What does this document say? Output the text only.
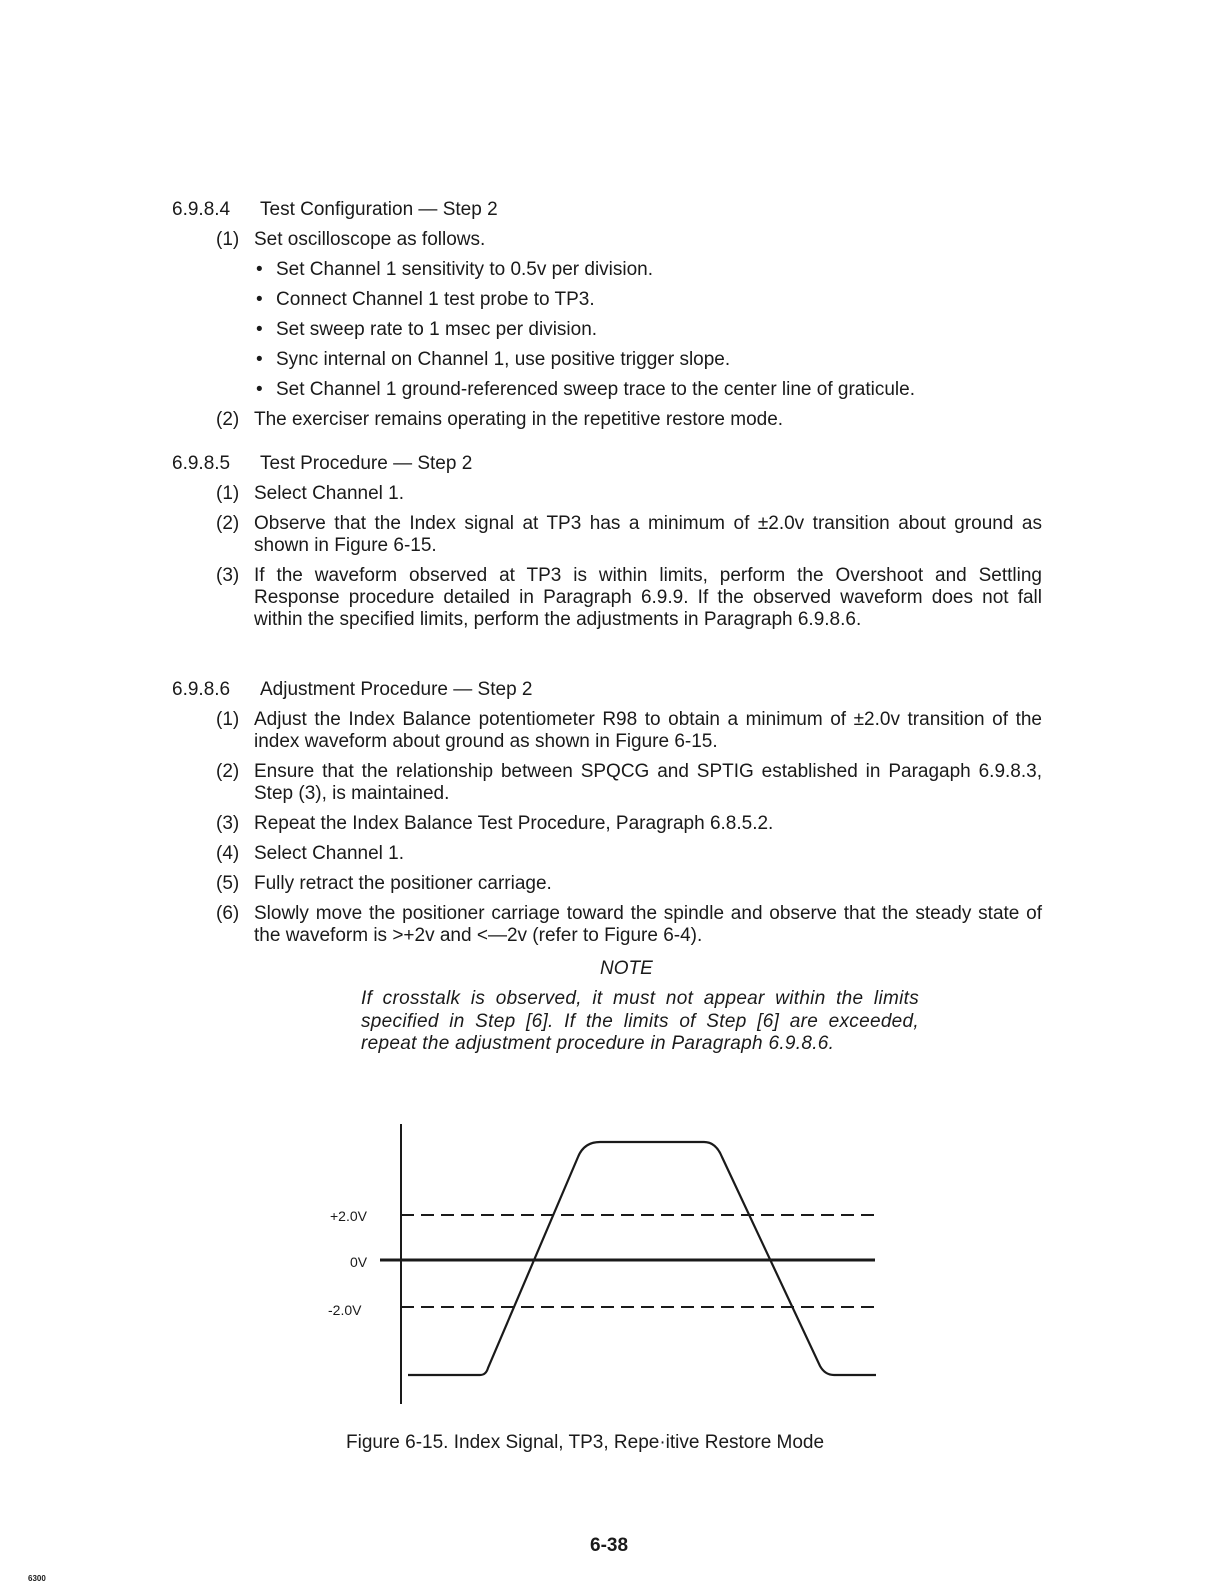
6.9.8.4 Test Configuration — Step 2
(1) Set oscilloscope as follows.
• Set Channel 1 sensitivity to 0.5v per division.
• Connect Channel 1 test probe to TP3.
• Set sweep rate to 1 msec per division.
• Sync internal on Channel 1, use positive trigger slope.
• Set Channel 1 ground-referenced sweep trace to the center line of graticule.
(2) The exerciser remains operating in the repetitive restore mode.
6.9.8.5 Test Procedure — Step 2
(1) Select Channel 1.
(2) Observe that the Index signal at TP3 has a minimum of ±2.0v transition about ground as shown in Figure 6-15.
(3) If the waveform observed at TP3 is within limits, perform the Overshoot and Settling Response procedure detailed in Paragraph 6.9.9. If the observed waveform does not fall within the specified limits, perform the adjustments in Paragraph 6.9.8.6.
6.9.8.6 Adjustment Procedure — Step 2
(1) Adjust the Index Balance potentiometer R98 to obtain a minimum of ±2.0v transition of the index waveform about ground as shown in Figure 6-15.
(2) Ensure that the relationship between SPQCG and SPTIG established in Paragaph 6.9.8.3, Step (3), is maintained.
(3) Repeat the Index Balance Test Procedure, Paragraph 6.8.5.2.
(4) Select Channel 1.
(5) Fully retract the positioner carriage.
(6) Slowly move the positioner carriage toward the spindle and observe that the steady state of the waveform is >+2v and <—2v (refer to Figure 6-4).
NOTE
If crosstalk is observed, it must not appear within the limits specified in Step [6]. If the limits of Step [6] are exceeded, repeat the adjustment procedure in Paragraph 6.9.8.6.
+2.0V
0V
-2.0V
Figure 6-15. Index Signal, TP3, Repe·itive Restore Mode
6-38
6300
